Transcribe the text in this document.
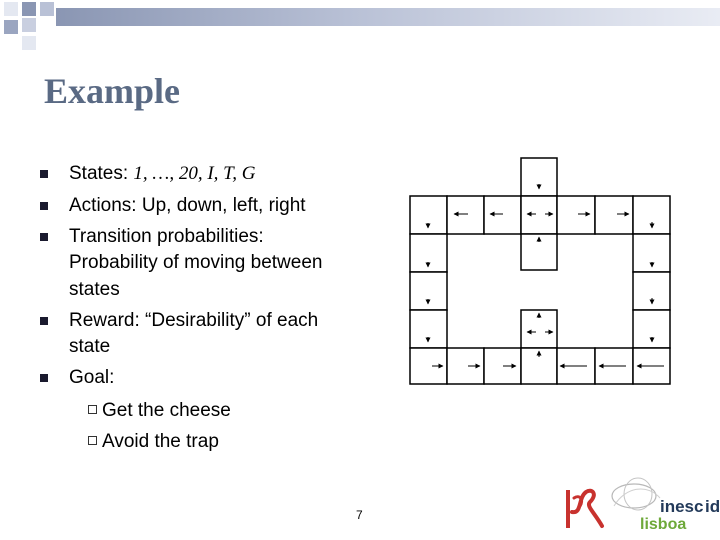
Example
States: 1, …, 20, I, T, G
Actions: Up, down, left, right
Transition probabilities:
Probability of moving between
states
Reward: “Desirability” of each
state
Goal:
Get the cheese
Avoid the trap
7	inesc id
lisboa
